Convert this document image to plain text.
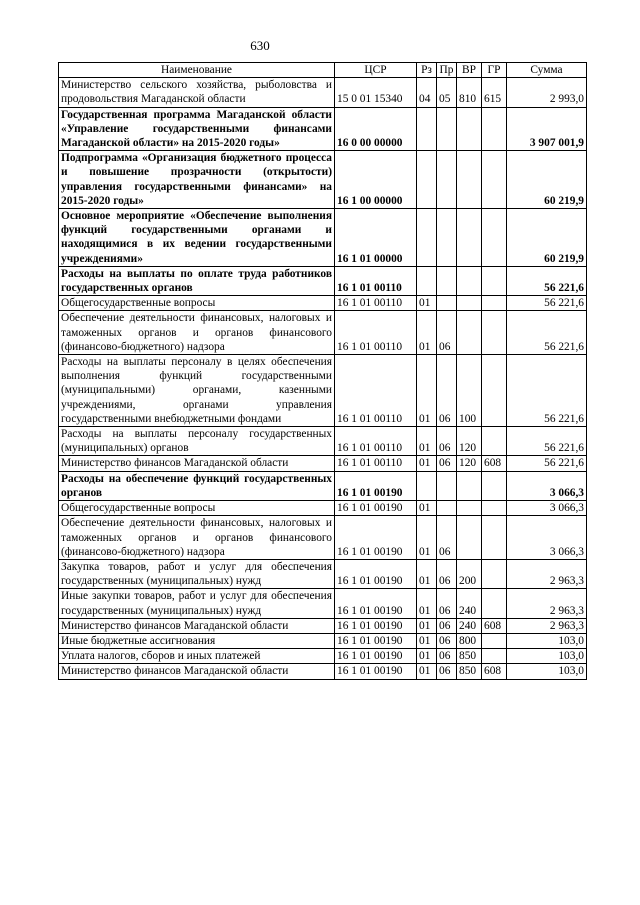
630
Наименование	ЦСР	Рз	Пр	ВР	ГР	Сумма
Министерство сельского хозяйства, рыболовства и продовольствия Магаданской области	15 0 01 15340	04	05	810	615	2 993,0
Государственная программа Магаданской области «Управление государственными финансами Магаданской области» на 2015-2020 годы»	16 0 00 00000					3 907 001,9
Подпрограмма «Организация бюджетного процесса и повышение прозрачности (открытости) управления государственными финансами» на 2015-2020 годы»	16 1 00 00000					60 219,9
Основное мероприятие «Обеспечение выполнения функций государственными органами и находящимися в их ведении государственными учреждениями»	16 1 01 00000					60 219,9
Расходы на выплаты по оплате труда работников государственных органов	16 1 01 00110					56 221,6
Общегосударственные вопросы	16 1 01 00110	01				56 221,6
Обеспечение деятельности финансовых, налоговых и таможенных органов и органов финансового (финансово-бюджетного) надзора	16 1 01 00110	01	06			56 221,6
Расходы на выплаты персоналу в целях обеспечения выполнения функций государственными (муниципальными) органами, казенными учреждениями, органами управления государственными внебюджетными фондами	16 1 01 00110	01	06	100		56 221,6
Расходы на выплаты персоналу государственных (муниципальных) органов	16 1 01 00110	01	06	120		56 221,6
Министерство финансов Магаданской области	16 1 01 00110	01	06	120	608	56 221,6
Расходы на обеспечение функций государственных органов	16 1 01 00190					3 066,3
Общегосударственные вопросы	16 1 01 00190	01				3 066,3
Обеспечение деятельности финансовых, налоговых и таможенных органов и органов финансового (финансово-бюджетного) надзора	16 1 01 00190	01	06			3 066,3
Закупка товаров, работ и услуг для обеспечения государственных (муниципальных) нужд	16 1 01 00190	01	06	200		2 963,3
Иные закупки товаров, работ и услуг для обеспечения государственных (муниципальных) нужд	16 1 01 00190	01	06	240		2 963,3
Министерство финансов Магаданской области	16 1 01 00190	01	06	240	608	2 963,3
Иные бюджетные ассигнования	16 1 01 00190	01	06	800		103,0
Уплата налогов, сборов и иных платежей	16 1 01 00190	01	06	850		103,0
Министерство финансов Магаданской области	16 1 01 00190	01	06	850	608	103,0
